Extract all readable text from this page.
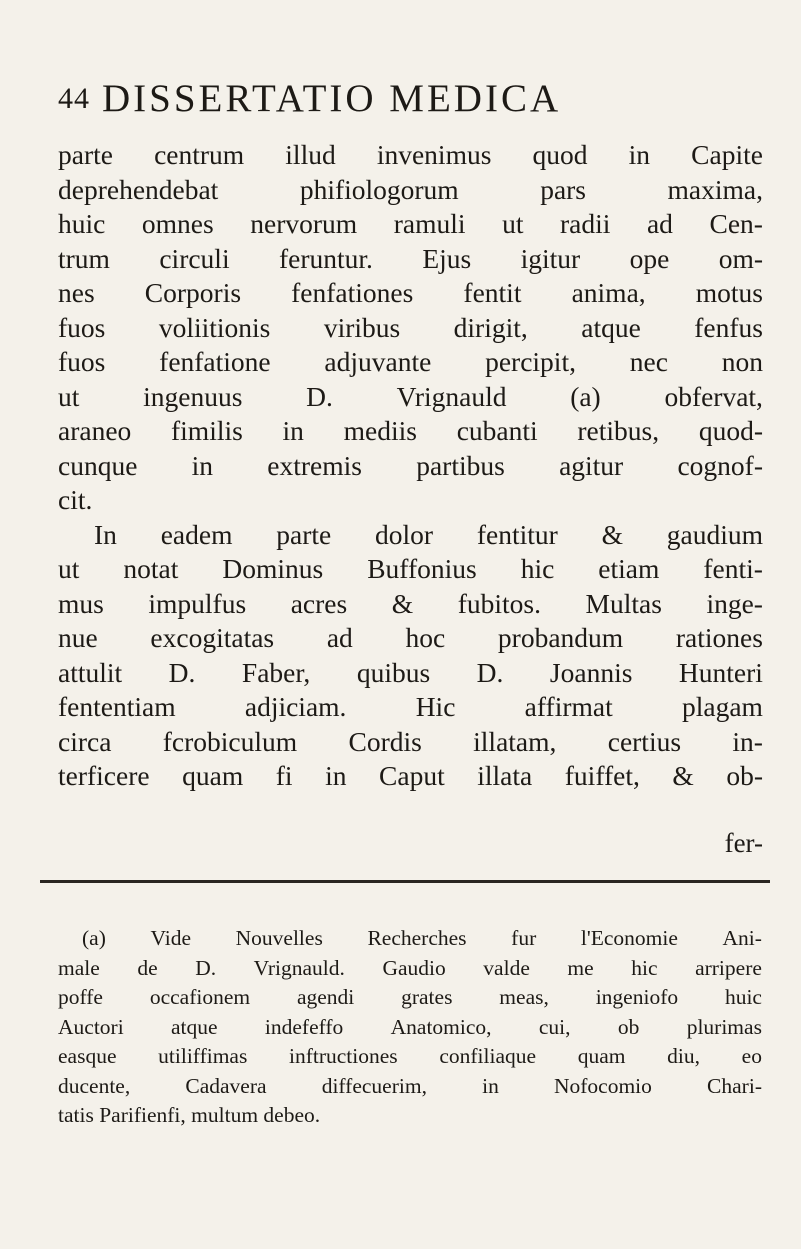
44 DISSERTATIO MEDICA
parte centrum illud invenimus quod in Capite
deprehendebat	phifiologorum	pars	maxima,
huic omnes nervorum ramuli ut radii ad Cen-
trum circuli feruntur. Ejus igitur ope om-
nes Corporis fenfationes fentit anima, motus
fuos voliitionis viribus dirigit, atque fenfus
fuos fenfatione adjuvante percipit, nec non
ut ingenuus D. Vrignauld (a) obfervat,
araneo fimilis in mediis cubanti retibus, quod-
cunque in extremis partibus agitur cognof-
cit.
In eadem parte dolor fentitur & gaudium
ut notat Dominus Buffonius hic etiam fenti-
mus impulfus acres & fubitos. Multas inge-
nue excogitatas ad hoc probandum rationes
attulit D. Faber, quibus D. Joannis Hunteri
fententiam	adjiciam.	Hic	affirmat	plagam
circa fcrobiculum Cordis illatam, certius in-
terficere quam fi in Caput illata fuiffet, & ob-
fer-
(a) Vide Nouvelles Recherches fur l'Economie Ani-
male de D. Vrignauld. Gaudio valde me hic arripere
poffe occafionem agendi grates meas, ingeniofo huic
Auctori atque indefeffo Anatomico, cui, ob plurimas
easque utiliffimas inftructiones confiliaque quam diu, eo
ducente,	Cadavera	diffecuerim,	in	Nofocomio	Chari-
tatis Parifienfi, multum debeo.
